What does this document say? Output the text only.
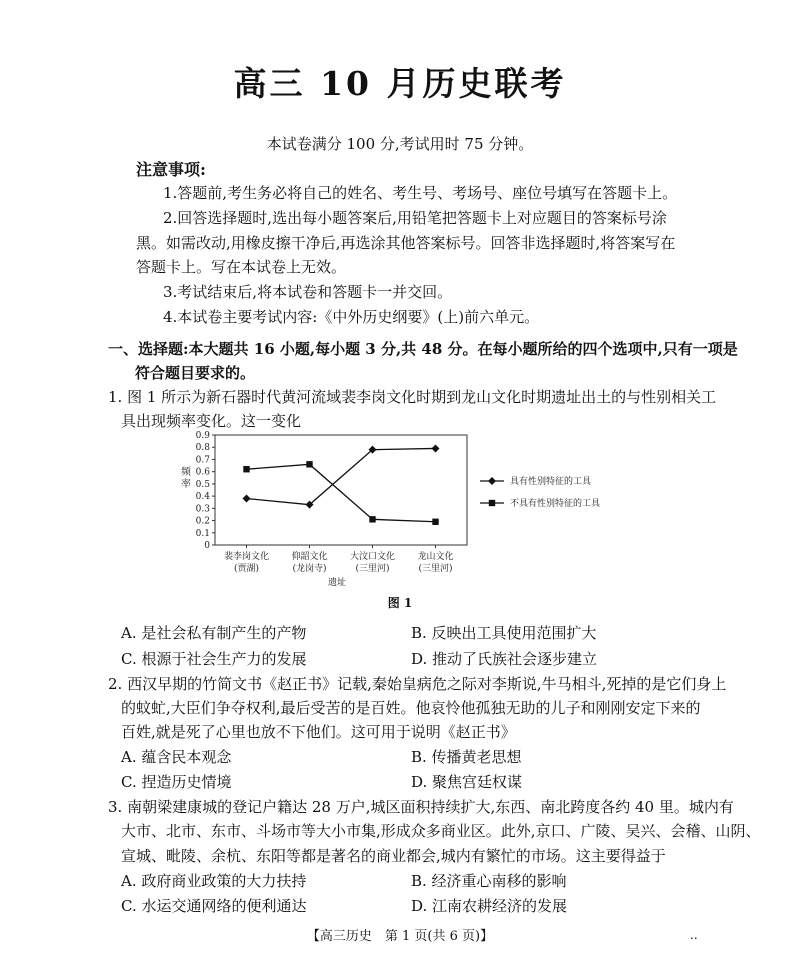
高三 10 月历史联考
本试卷满分 100 分,考试用时 75 分钟。
注意事项:
1.答题前,考生务必将自己的姓名、考生号、考场号、座位号填写在答题卡上。
2.回答选择题时,选出每小题答案后,用铅笔把答题卡上对应题目的答案标号涂
黑。如需改动,用橡皮擦干净后,再选涂其他答案标号。回答非选择题时,将答案写在
答题卡上。写在本试卷上无效。
3.考试结束后,将本试卷和答题卡一并交回。
4.本试卷主要考试内容:《中外历史纲要》(上)前六单元。
一、选择题:本大题共 16 小题,每小题 3 分,共 48 分。在每小题所给的四个选项中,只有一项是
符合题目要求的。
1. 图 1 所示为新石器时代黄河流域裴李岗文化时期到龙山文化时期遗址出土的与性别相关工
具出现频率变化。这一变化
0
0.1
0.2
0.3
0.4
0.5
0.6
0.7
0.8
0.9
频
率
裴李岗文化
(贾湖)
仰韶文化
(龙岗寺)
大汶口文化
(三里河)
龙山文化
(三里河)
遗址
具有性别特征的工具
不具有性别特征的工具
图 1
A. 是社会私有制产生的产物	B. 反映出工具使用范围扩大
C. 根源于社会生产力的发展	D. 推动了氏族社会逐步建立
2. 西汉早期的竹简文书《赵正书》记载,秦始皇病危之际对李斯说,牛马相斗,死掉的是它们身上
的蚊虻,大臣们争夺权利,最后受苦的是百姓。他哀怜他孤独无助的儿子和刚刚安定下来的
百姓,就是死了心里也放不下他们。这可用于说明《赵正书》
A. 蕴含民本观念	B. 传播黄老思想
C. 捏造历史情境	D. 聚焦宫廷权谋
3. 南朝梁建康城的登记户籍达 28 万户,城区面积持续扩大,东西、南北跨度各约 40 里。城内有
大市、北市、东市、斗场市等大小市集,形成众多商业区。此外,京口、广陵、吴兴、会稽、山阴、
宣城、毗陵、余杭、东阳等都是著名的商业都会,城内有繁忙的市场。这主要得益于
A. 政府商业政策的大力扶持	B. 经济重心南移的影响
C. 水运交通网络的便利通达	D. 江南农耕经济的发展
【高三历史　第 1 页(共 6 页)】	..
